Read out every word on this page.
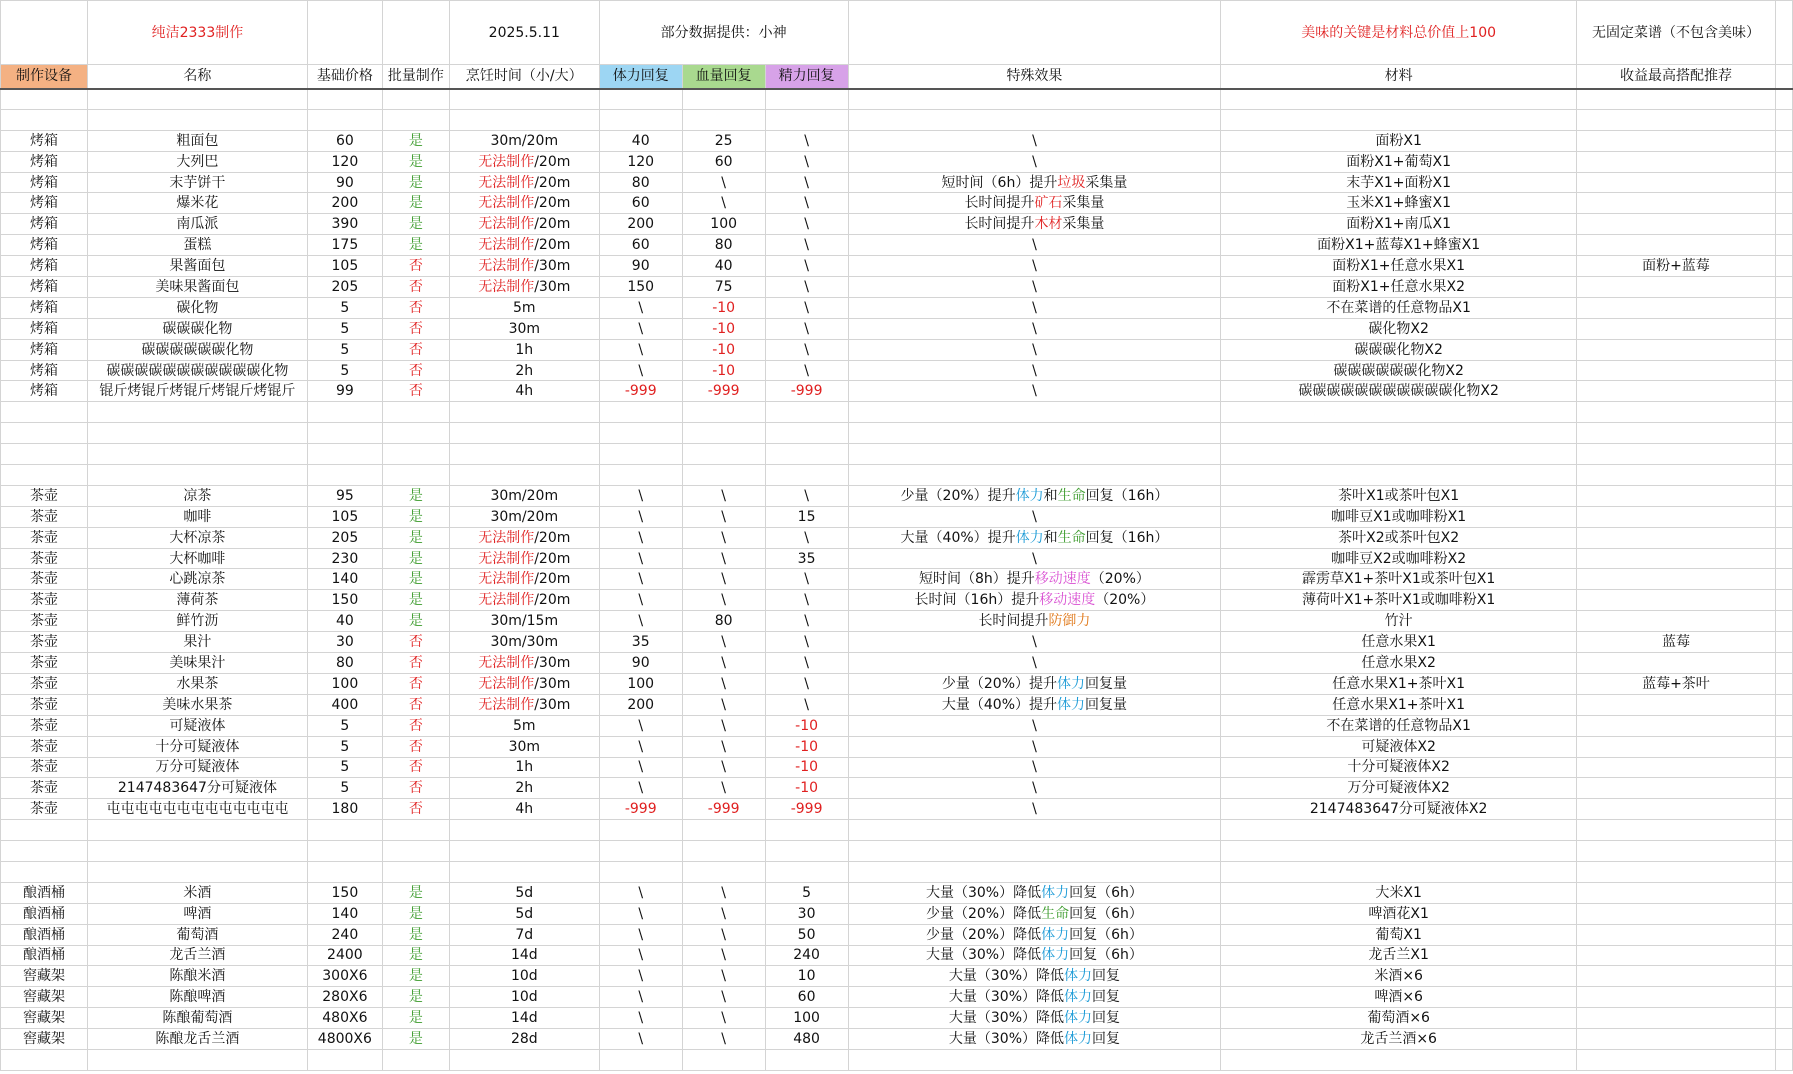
	纯洁2333制作			2025.5.11	部分数据提供：小神				美味的关键是材料总价值上100	无固定菜谱（不包含美味）	
制作设备	名称	基础价格	批量制作	烹饪时间（小/大）	体力回复	血量回复	精力回复	特殊效果	材料	收益最高搭配推荐	

烤箱	粗面包	60	是	30m/20m	40	25	\	\	面粉X1		
烤箱	大列巴	120	是	无法制作/20m	120	60	\	\	面粉X1+葡萄X1		
烤箱	末芋饼干	90	是	无法制作/20m	80	\	\	短时间（6h）提升垃圾采集量	末芋X1+面粉X1		
烤箱	爆米花	200	是	无法制作/20m	60	\	\	长时间提升矿石采集量	玉米X1+蜂蜜X1		
烤箱	南瓜派	390	是	无法制作/20m	200	100	\	长时间提升木材采集量	面粉X1+南瓜X1		
烤箱	蛋糕	175	是	无法制作/20m	60	80	\	\	面粉X1+蓝莓X1+蜂蜜X1		
烤箱	果酱面包	105	否	无法制作/30m	90	40	\	\	面粉X1+任意水果X1	面粉+蓝莓	
烤箱	美味果酱面包	205	否	无法制作/30m	150	75	\	\	面粉X1+任意水果X2		
烤箱	碳化物	5	否	5m	\	-10	\	\	不在菜谱的任意物品X1		
烤箱	碳碳碳化物	5	否	30m	\	-10	\	\	碳化物X2		
烤箱	碳碳碳碳碳碳化物	5	否	1h	\	-10	\	\	碳碳碳化物X2		
烤箱	碳碳碳碳碳碳碳碳碳碳碳化物	5	否	2h	\	-10	\	\	碳碳碳碳碳碳化物X2		
烤箱	锟斤烤锟斤烤锟斤烤锟斤烤锟斤	99	否	4h	-999	-999	-999	\	碳碳碳碳碳碳碳碳碳碳碳化物X2		

茶壶	凉茶	95	是	30m/20m	\	\	\	少量（20%）提升体力和生命回复（16h）	茶叶X1或茶叶包X1		
茶壶	咖啡	105	是	30m/20m	\	\	15	\	咖啡豆X1或咖啡粉X1		
茶壶	大杯凉茶	205	是	无法制作/20m	\	\	\	大量（40%）提升体力和生命回复（16h）	茶叶X2或茶叶包X2		
茶壶	大杯咖啡	230	是	无法制作/20m	\	\	35	\	咖啡豆X2或咖啡粉X2		
茶壶	心跳凉茶	140	是	无法制作/20m	\	\	\	短时间（8h）提升移动速度（20%）	霹雳草X1+茶叶X1或茶叶包X1		
茶壶	薄荷茶	150	是	无法制作/20m	\	\	\	长时间（16h）提升移动速度（20%）	薄荷叶X1+茶叶X1或咖啡粉X1		
茶壶	鲜竹沥	40	是	30m/15m	\	80	\	长时间提升防御力	竹汁		
茶壶	果汁	30	否	30m/30m	35	\	\	\	任意水果X1	蓝莓	
茶壶	美味果汁	80	否	无法制作/30m	90	\	\	\	任意水果X2		
茶壶	水果茶	100	否	无法制作/30m	100	\	\	少量（20%）提升体力回复量	任意水果X1+茶叶X1	蓝莓+茶叶	
茶壶	美味水果茶	400	否	无法制作/30m	200	\	\	大量（40%）提升体力回复量	任意水果X1+茶叶X1		
茶壶	可疑液体	5	否	5m	\	\	-10	\	不在菜谱的任意物品X1		
茶壶	十分可疑液体	5	否	30m	\	\	-10	\	可疑液体X2		
茶壶	万分可疑液体	5	否	1h	\	\	-10	\	十分可疑液体X2		
茶壶	2147483647分可疑液体	5	否	2h	\	\	-10	\	万分可疑液体X2		
茶壶	屯屯屯屯屯屯屯屯屯屯屯屯屯	180	否	4h	-999	-999	-999	\	2147483647分可疑液体X2		

酿酒桶	米酒	150	是	5d	\	\	5	大量（30%）降低体力回复（6h）	大米X1		
酿酒桶	啤酒	140	是	5d	\	\	30	少量（20%）降低生命回复（6h）	啤酒花X1		
酿酒桶	葡萄酒	240	是	7d	\	\	50	少量（20%）降低体力回复（6h）	葡萄X1		
酿酒桶	龙舌兰酒	2400	是	14d	\	\	240	大量（30%）降低体力回复（6h）	龙舌兰X1		
窖藏架	陈酿米酒	300X6	是	10d	\	\	10	大量（30%）降低体力回复	米酒×6		
窖藏架	陈酿啤酒	280X6	是	10d	\	\	60	大量（30%）降低体力回复	啤酒×6		
窖藏架	陈酿葡萄酒	480X6	是	14d	\	\	100	大量（30%）降低体力回复	葡萄酒×6		
窖藏架	陈酿龙舌兰酒	4800X6	是	28d	\	\	480	大量（30%）降低体力回复	龙舌兰酒×6		
